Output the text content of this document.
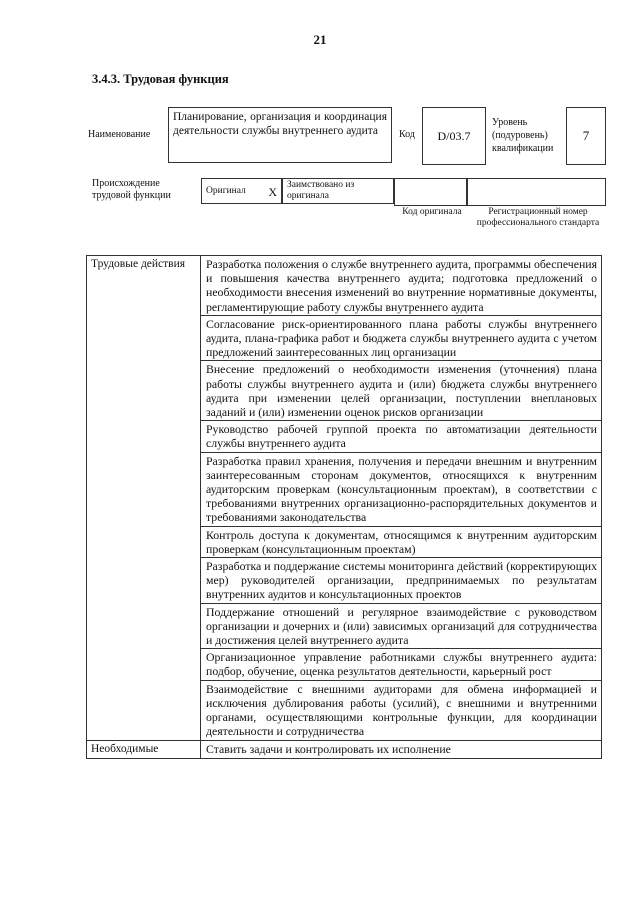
21
3.4.3. Трудовая функция
Наименование
Планирование, организация и координация деятельности службы внутреннего аудита	Код	D/03.7
Уровень (подуровень) квалификации
7
Происхождение трудовой функции	Оригинал X	Заимствовано из оригинала
Код оригинала	Регистрационный номер профессионального стандарта
Трудовые действия	Разработка положения о службе внутреннего аудита, программы обеспечения и повышения качества внутреннего аудита; подготовка предложений о необходимости внесения изменений во внутренние нормативные документы, регламентирующие работу службы внутреннего аудита
Согласование риск-ориентированного плана работы службы внутреннего аудита, плана-графика работ и бюджета службы внутреннего аудита с учетом предложений заинтересованных лиц организации
Внесение предложений о необходимости изменения (уточнения) плана работы службы внутреннего аудита и (или) бюджета службы внутреннего аудита при изменении целей организации, поступлении внеплановых заданий и (или) изменении оценок рисков организации
Руководство рабочей группой проекта по автоматизации деятельности службы внутреннего аудита
Разработка правил хранения, получения и передачи внешним и внутренним заинтересованным сторонам документов, относящихся к внутренним аудиторским проверкам (консультационным проектам), в соответствии с требованиями внутренних организационно-распорядительных документов и требованиями законодательства
Контроль доступа к документам, относящимся к внутренним аудиторским проверкам (консультационным проектам)
Разработка и поддержание системы мониторинга действий (корректирующих мер) руководителей организации, предпринимаемых по результатам внутренних аудитов и консультационных проектов
Поддержание отношений и регулярное взаимодействие с руководством организации и дочерних и (или) зависимых организаций для сотрудничества и достижения целей внутреннего аудита
Организационное управление работниками службы внутреннего аудита: подбор, обучение, оценка результатов деятельности, карьерный рост
Взаимодействие с внешними аудиторами для обмена информацией и исключения дублирования работы (усилий), с внешними и внутренними органами, осуществляющими контрольные функции, для координации деятельности и сотрудничества
Необходимые	Ставить задачи и контролировать их исполнение
